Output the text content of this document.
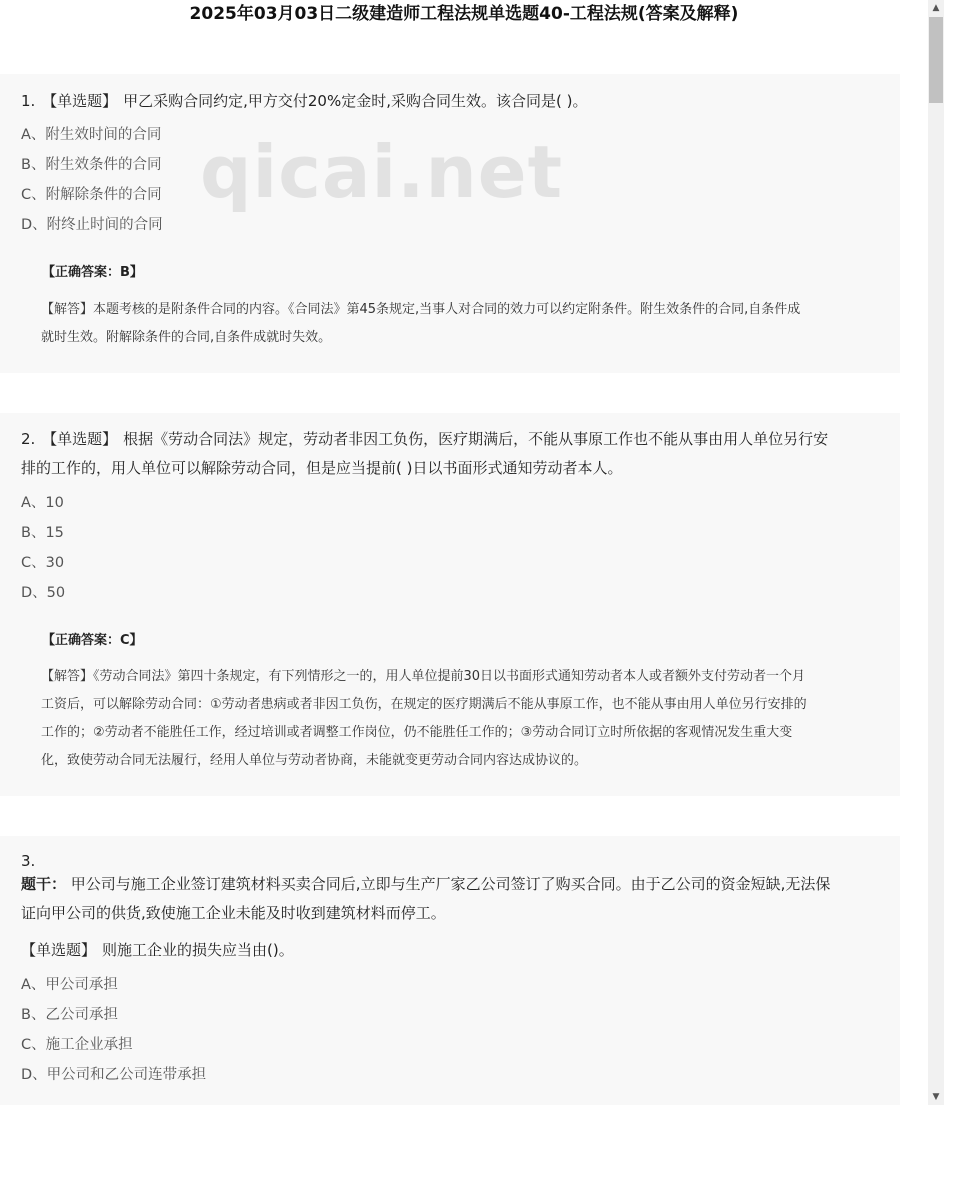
2025年03月03日二级建造师工程法规单选题40-工程法规(答案及解释)

1. 【单选题】 甲乙采购合同约定,甲方交付20%定金时,采购合同生效。该合同是( )。

A、附生效时间的合同
B、附生效条件的合同
C、附解除条件的合同
D、附终止时间的合同
【正确答案：B】

【解答】本题考核的是附条件合同的内容。《合同法》第45条规定,当事人对合同的效力可以约定附条件。附生效条件的合同,自条件成
就时生效。附解除条件的合同,自条件成就时失效。

qicai.net

2. 【单选题】 根据《劳动合同法》规定，劳动者非因工负伤，医疗期满后，不能从事原工作也不能从事由用人单位另行安
排的工作的，用人单位可以解除劳动合同，但是应当提前( )日以书面形式通知劳动者本人。

A、10
B、15
C、30
D、50
【正确答案：C】

【解答】《劳动合同法》第四十条规定，有下列情形之一的，用人单位提前30日以书面形式通知劳动者本人或者额外支付劳动者一个月
工资后，可以解除劳动合同：①劳动者患病或者非因工负伤，在规定的医疗期满后不能从事原工作，也不能从事由用人单位另行安排的
工作的；②劳动者不能胜任工作，经过培训或者调整工作岗位，仍不能胜任工作的；③劳动合同订立时所依据的客观情况发生重大变
化，致使劳动合同无法履行，经用人单位与劳动者协商，未能就变更劳动合同内容达成协议的。

3.

题干： 甲公司与施工企业签订建筑材料买卖合同后,立即与生产厂家乙公司签订了购买合同。由于乙公司的资金短缺,无法保
证向甲公司的供货,致使施工企业未能及时收到建筑材料而停工。

【单选题】 则施工企业的损失应当由()。

A、甲公司承担
B、乙公司承担
C、施工企业承担
D、甲公司和乙公司连带承担
▲
▼
